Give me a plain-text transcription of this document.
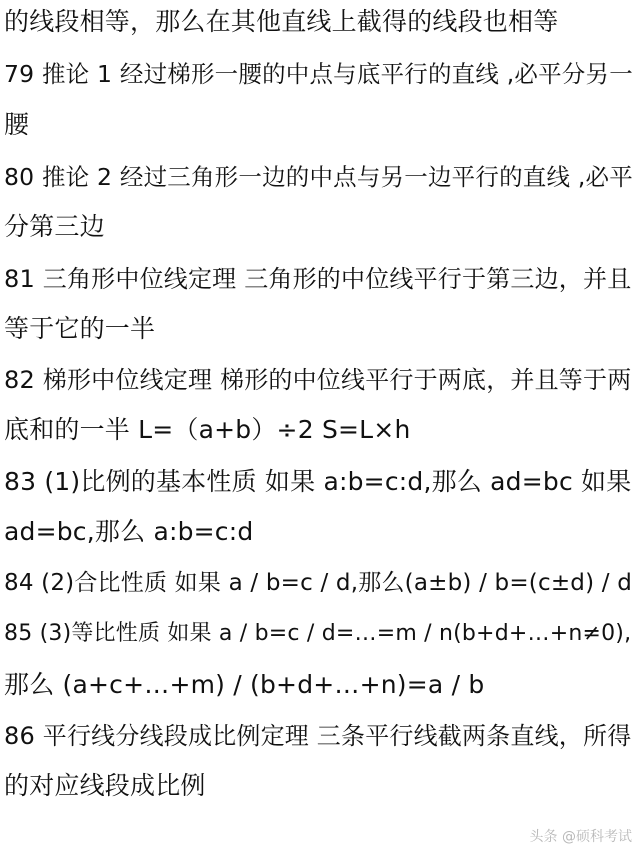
的线段相等，那么在其他直线上截得的线段也相等
79 推论 1 经过梯形一腰的中点与底平行的直线 ,必平分另一
腰
80 推论 2 经过三角形一边的中点与另一边平行的直线 ,必平
分第三边
81 三角形中位线定理 三角形的中位线平行于第三边，并且
等于它的一半
82 梯形中位线定理 梯形的中位线平行于两底，并且等于两
底和的一半 L=（a+b）÷2 S=L×h
83 (1)比例的基本性质 如果 a:b=c:d,那么 ad=bc 如果
ad=bc,那么 a:b=c:d
84 (2)合比性质 如果 a / b=c / d,那么(a±b) / b=(c±d) / d
85 (3)等比性质 如果 a / b=c / d=…=m / n(b+d+…+n≠0),
那么 (a+c+…+m) / (b+d+…+n)=a / b
86 平行线分线段成比例定理 三条平行线截两条直线，所得
的对应线段成比例
头条 @硕科考试
